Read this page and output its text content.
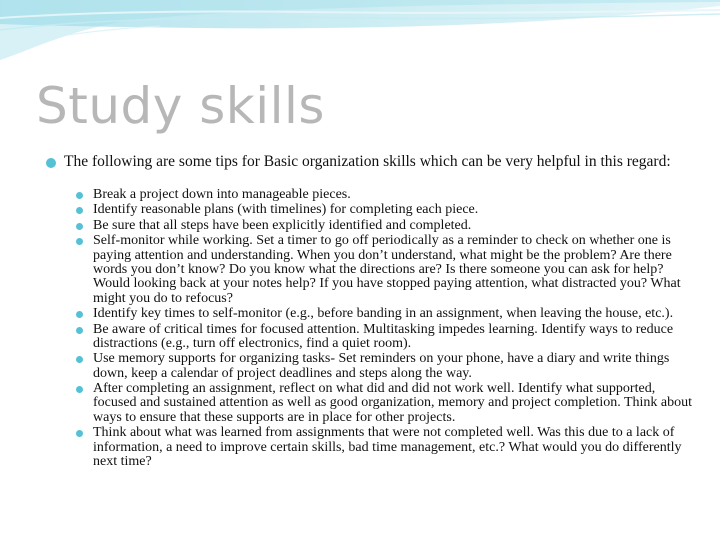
Study skills
The following are some tips for Basic organization skills which can be very helpful in this regard:
Break a project down into manageable pieces.
Identify reasonable plans (with timelines) for completing each piece.
Be sure that all steps have been explicitly identified and completed.
Self-monitor while working. Set a timer to go off periodically as a reminder to check on whether one is paying attention and understanding. When you don’t understand, what might be the problem? Are there words you don’t know? Do you know what the directions are? Is there someone you can ask for help? Would looking back at your notes help? If you have stopped paying attention, what distracted you? What might you do to refocus?
Identify key times to self-monitor (e.g., before banding in an assignment, when leaving the house, etc.).
Be aware of critical times for focused attention. Multitasking impedes learning. Identify ways to reduce distractions (e.g., turn off electronics, find a quiet room).
Use memory supports for organizing tasks- Set reminders on your phone, have a diary and write things down, keep a calendar of project deadlines and steps along the way.
After completing an assignment, reflect on what did and did not work well. Identify what supported, focused and sustained attention as well as good organization, memory and project completion. Think about ways to ensure that these supports are in place for other projects.
Think about what was learned from assignments that were not completed well. Was this due to a lack of information, a need to improve certain skills, bad time management, etc.? What would you do differently next time?
